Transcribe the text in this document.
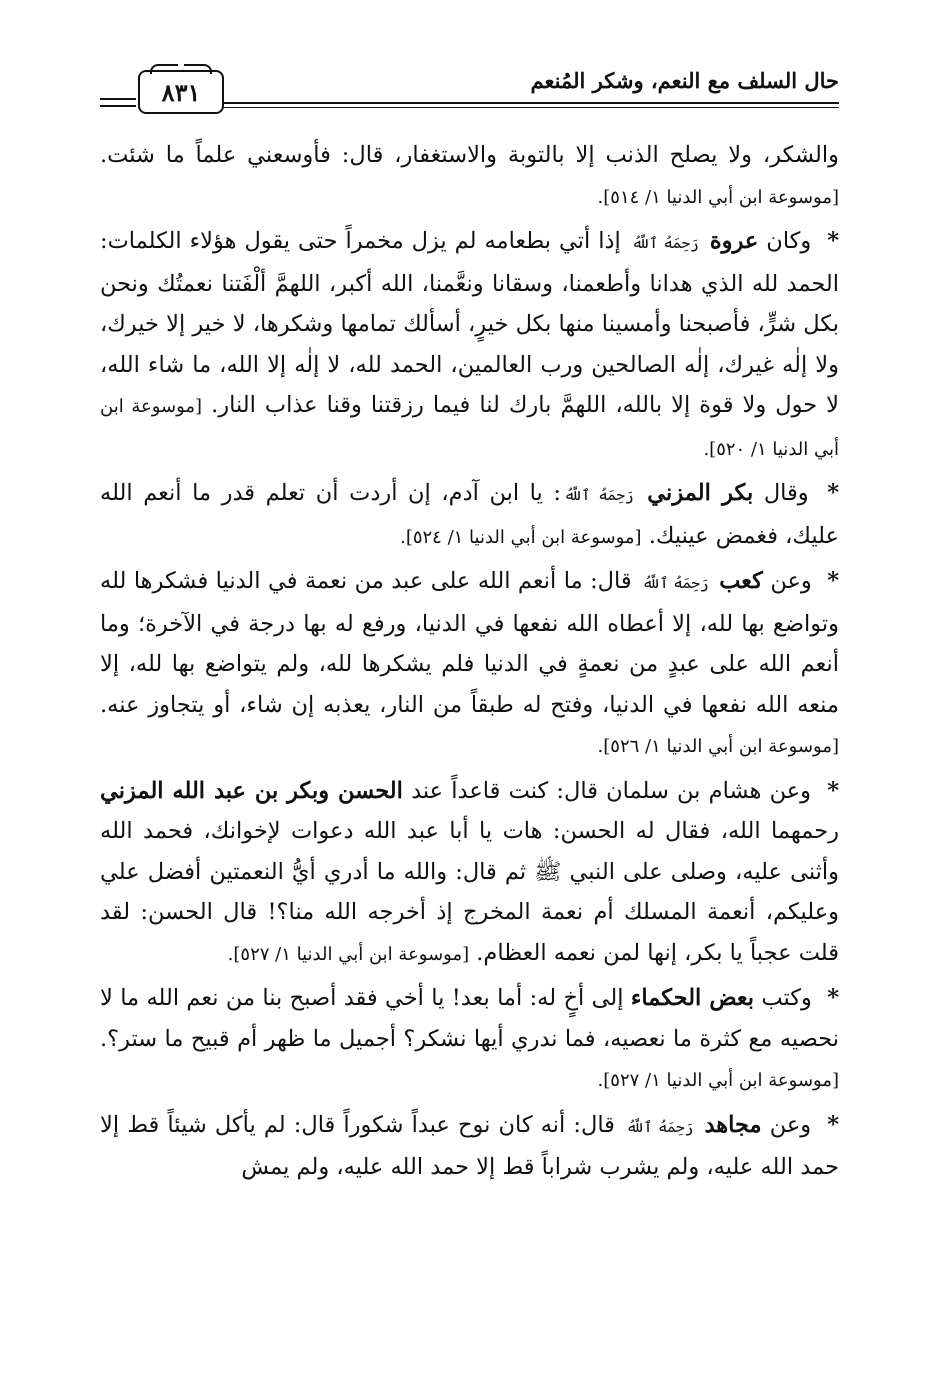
حال السلف مع النعم، وشكر المُنعم
٨٣١

والشكر، ولا يصلح الذنب إلا بالتوبة والاستغفار، قال: فأوسعني علماً ما شئت. [موسوعة ابن أبي الدنيا ١/ ٥١٤].

* وكان عروة رَحِمَهُ ٱللَّهُ إذا أتي بطعامه لم يزل مخمراً حتى يقول هؤلاء الكلمات: الحمد لله الذي هدانا وأطعمنا، وسقانا ونعَّمنا، الله أكبر، اللهمَّ ألْفَتنا نعمتُك ونحن بكل شرٍّ، فأصبحنا وأمسينا منها بكل خيرٍ، أسألك تمامها وشكرها، لا خير إلا خيرك، ولا إلٰه غيرك، إلٰه الصالحين ورب العالمين، الحمد لله، لا إلٰه إلا الله، ما شاء الله، لا حول ولا قوة إلا بالله، اللهمَّ بارك لنا فيما رزقتنا وقنا عذاب النار. [موسوعة ابن أبي الدنيا ١/ ٥٢٠].

* وقال بكر المزني رَحِمَهُ ٱللَّهُ: يا ابن آدم، إن أردت أن تعلم قدر ما أنعم الله عليك، فغمض عينيك. [موسوعة ابن أبي الدنيا ١/ ٥٢٤].

* وعن كعب رَحِمَهُ ٱللَّهُ قال: ما أنعم الله على عبد من نعمة في الدنيا فشكرها لله وتواضع بها لله، إلا أعطاه الله نفعها في الدنيا، ورفع له بها درجة في الآخرة؛ وما أنعم الله على عبدٍ من نعمةٍ في الدنيا فلم يشكرها لله، ولم يتواضع بها لله، إلا منعه الله نفعها في الدنيا، وفتح له طبقاً من النار، يعذبه إن شاء، أو يتجاوز عنه. [موسوعة ابن أبي الدنيا ١/ ٥٢٦].

* وعن هشام بن سلمان قال: كنت قاعداً عند الحسن وبكر بن عبد الله المزني رحمهما الله، فقال له الحسن: هات يا أبا عبد الله دعوات لإخوانك، فحمد الله وأثنى عليه، وصلى على النبي ﷺ ثم قال: والله ما أدري أيُّ النعمتين أفضل علي وعليكم، أنعمة المسلك أم نعمة المخرج إذ أخرجه الله منا؟! قال الحسن: لقد قلت عجباً يا بكر، إنها لمن نعمه العظام. [موسوعة ابن أبي الدنيا ١/ ٥٢٧].

* وكتب بعض الحكماء إلى أخٍ له: أما بعد! يا أخي فقد أصبح بنا من نعم الله ما لا نحصيه مع كثرة ما نعصيه، فما ندري أيها نشكر؟ أجميل ما ظهر أم قبيح ما ستر؟. [موسوعة ابن أبي الدنيا ١/ ٥٢٧].

* وعن مجاهد رَحِمَهُ ٱللَّهُ قال: أنه كان نوح عبداً شكوراً قال: لم يأكل شيئاً قط إلا حمد الله عليه، ولم يشرب شراباً قط إلا حمد الله عليه، ولم يمش
